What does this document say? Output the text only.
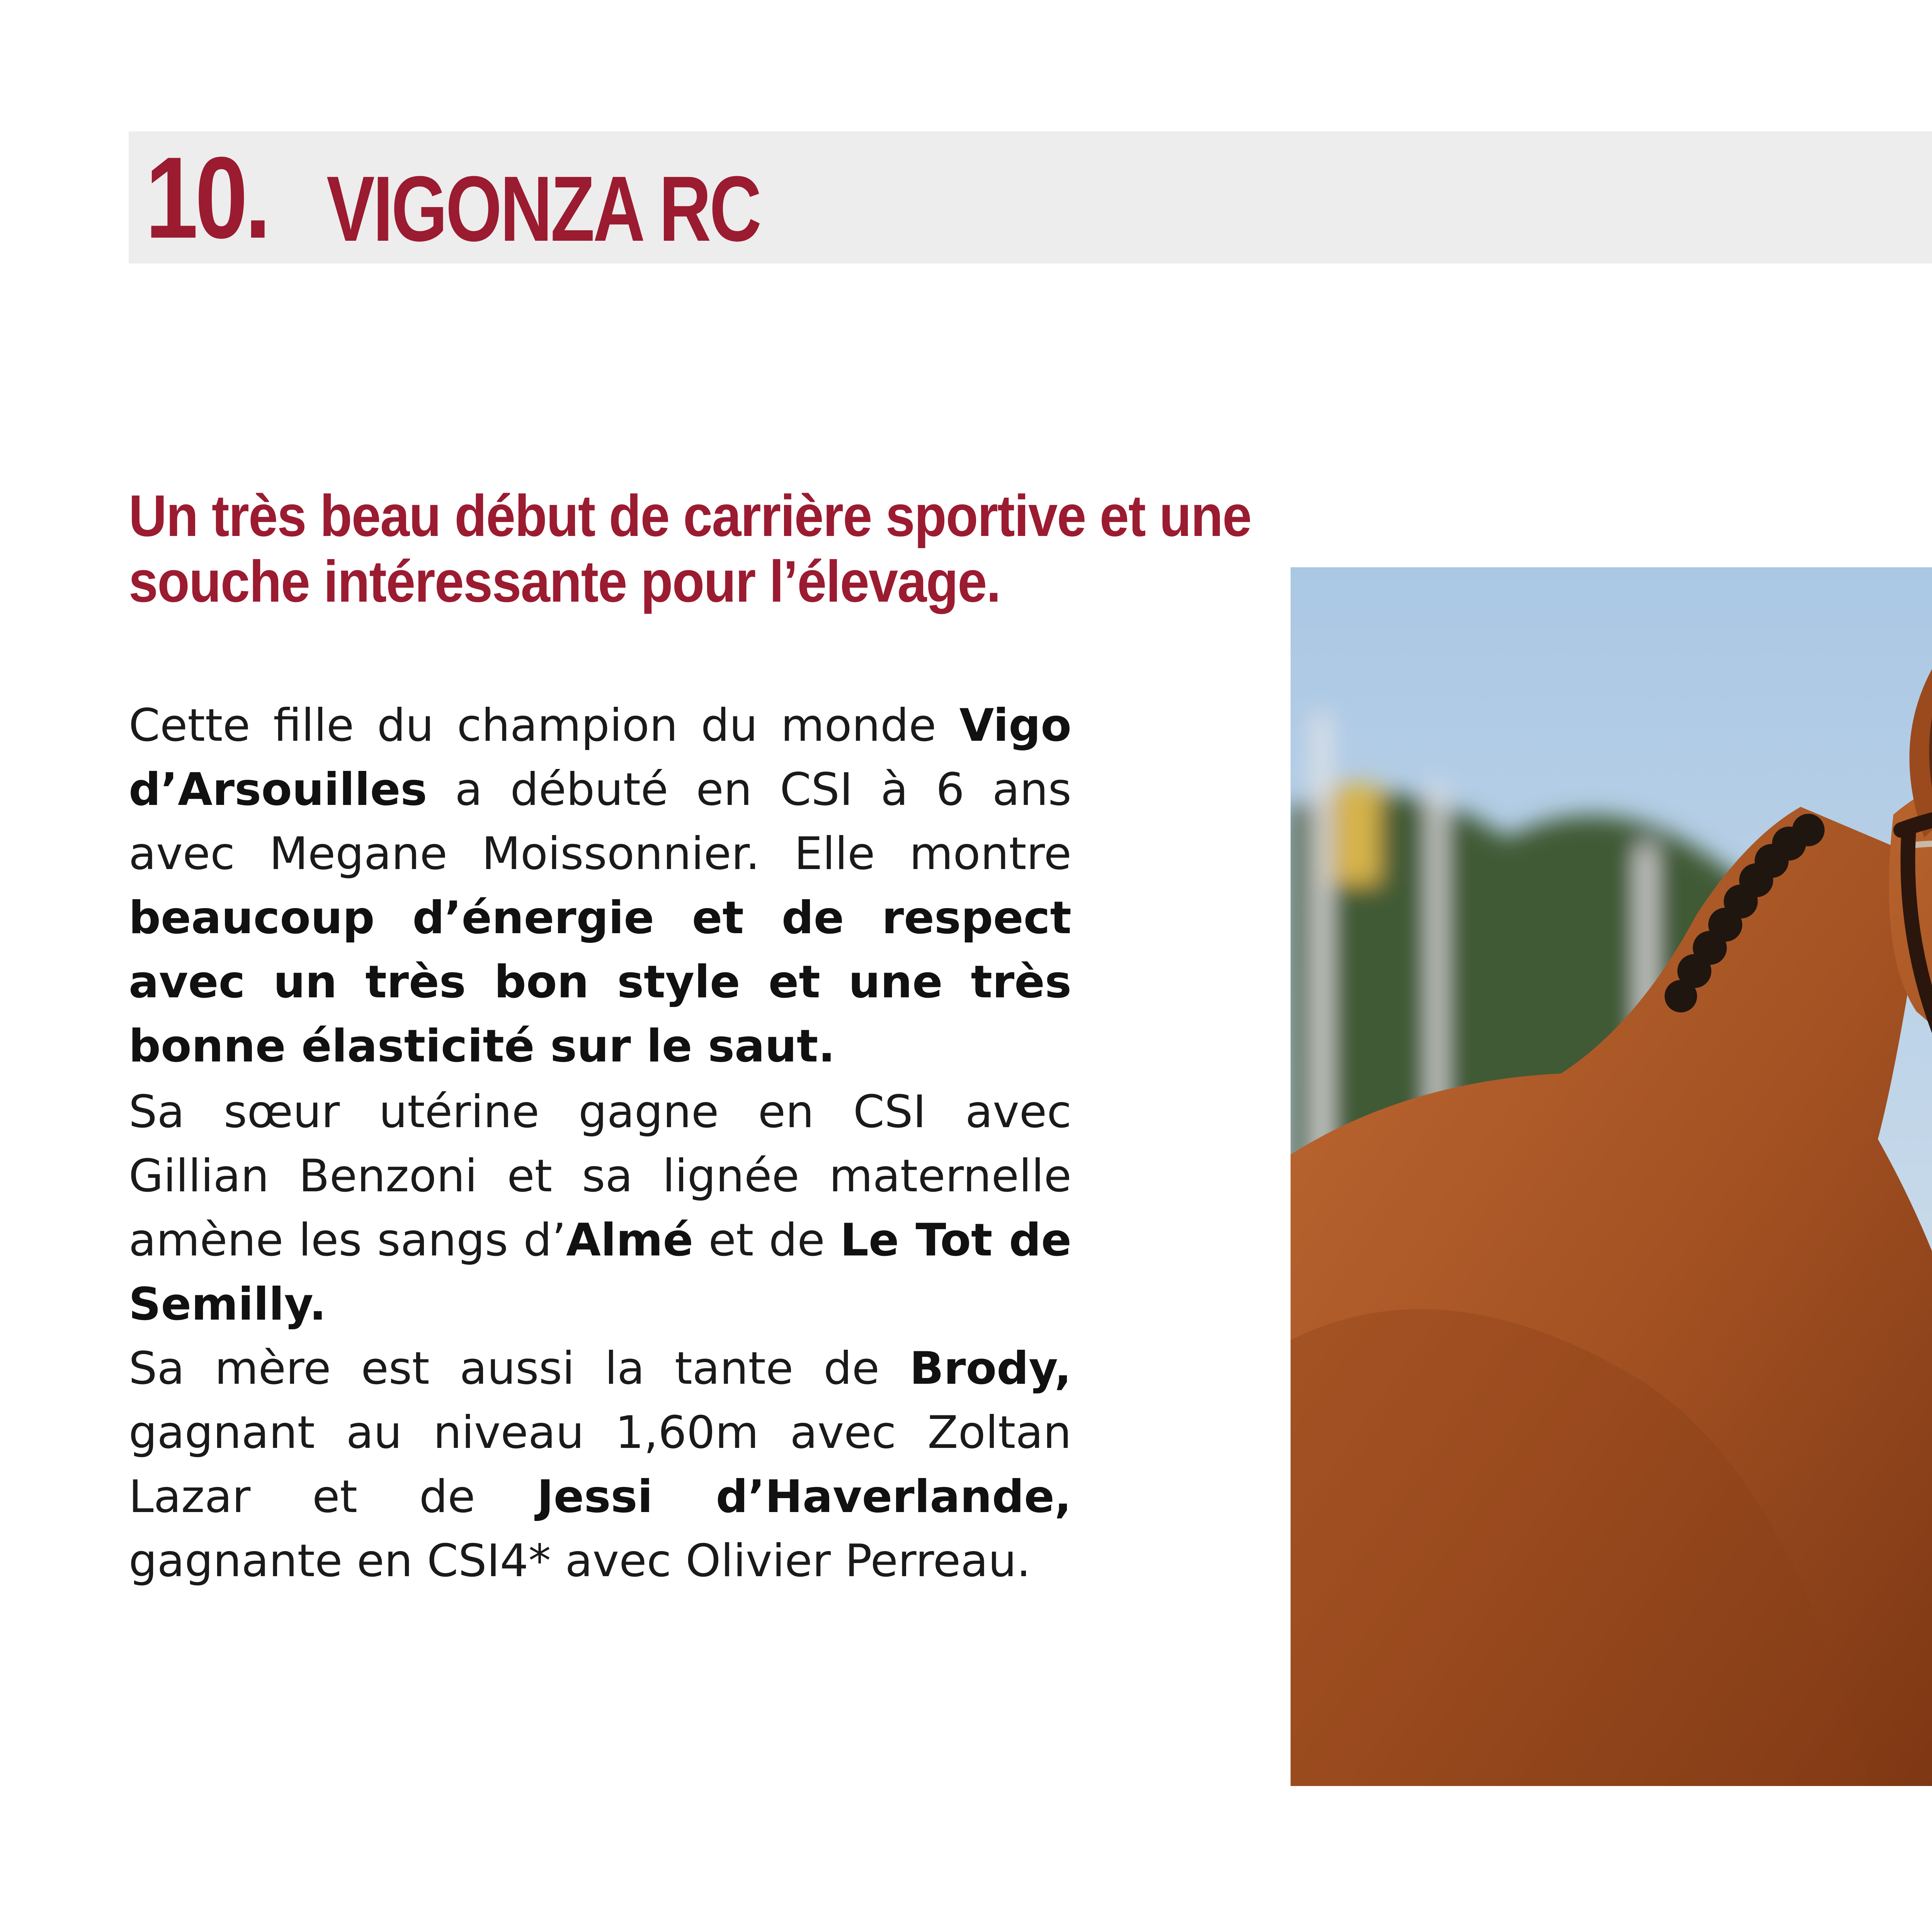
10. VIGONZA RC
Un très beau début de carrière sportive et une
souche intéressante pour l’élevage.

Cette fille du champion du monde Vigo d’Arsouilles a débuté en CSI à 6 ans avec Megane Moissonnier. Elle montre beaucoup d’énergie et de respect avec un très bon style et une très bonne élasticité sur le saut.

Sa sœur utérine gagne en CSI avec Gillian Benzoni et sa lignée maternelle amène les sangs d’Almé et de Le Tot de Semilly.
Sa mère est aussi la tante de Brody, gagnant au niveau 1,60m avec Zoltan Lazar et de Jessi d’Haverlande, gagnante en CSI4* avec Olivier Perreau.
